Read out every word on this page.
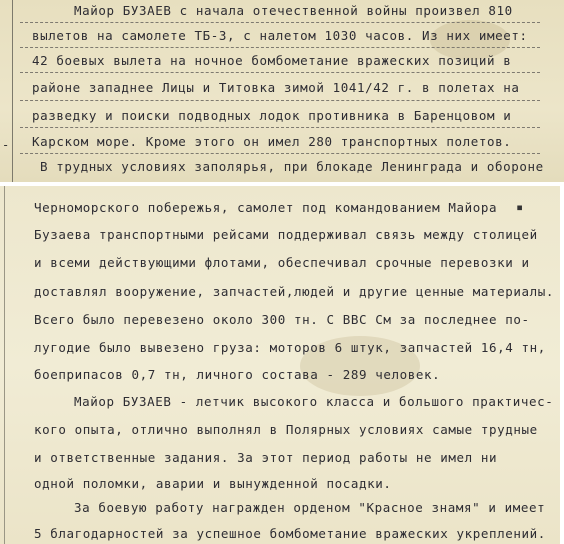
Майор БУЗАЕВ с начала отечественной войны произвел 810
вылетов на самолете ТБ-3, с налетом 1030 часов. Из них имеет:
42 боевых вылета на ночное бомбометание вражеских позиций в
районе западнее Лицы и Титовка зимой 1041/42 г. в полетах на
разведку и поиски подводных лодок противника в Баренцовом и
Карском море. Кроме этого он имел 280 транспортных полетов.
В трудных условиях заполярья, при блокаде Ленинграда и обороне
-
Черноморского побережья, самолет под командованием Майора
Бузаева транспортными рейсами поддерживал связь между столицей
и всеми действующими флотами, обеспечивал срочные перевозки и
доставлял вооружение, запчастей,людей и другие ценные материалы.
Всего было перевезено около 300 тн. С ВВС См за последнее по-
лугодие было вывезено груза: моторов 6 штук, запчастей 16,4 тн,
боеприпасов 0,7 тн, личного состава - 289 человек.
Майор БУЗАЕВ - летчик высокого класса и большого практичес-
кого опыта, отлично выполнял в Полярных условиях самые трудные
и ответственные задания. За этот период работы не имел ни
одной поломки, аварии и вынужденной посадки.
За боевую работу награжден орденом "Красное знамя" и имеет
5 благодарностей за успешное бомбометание вражеских укреплений.
▪
